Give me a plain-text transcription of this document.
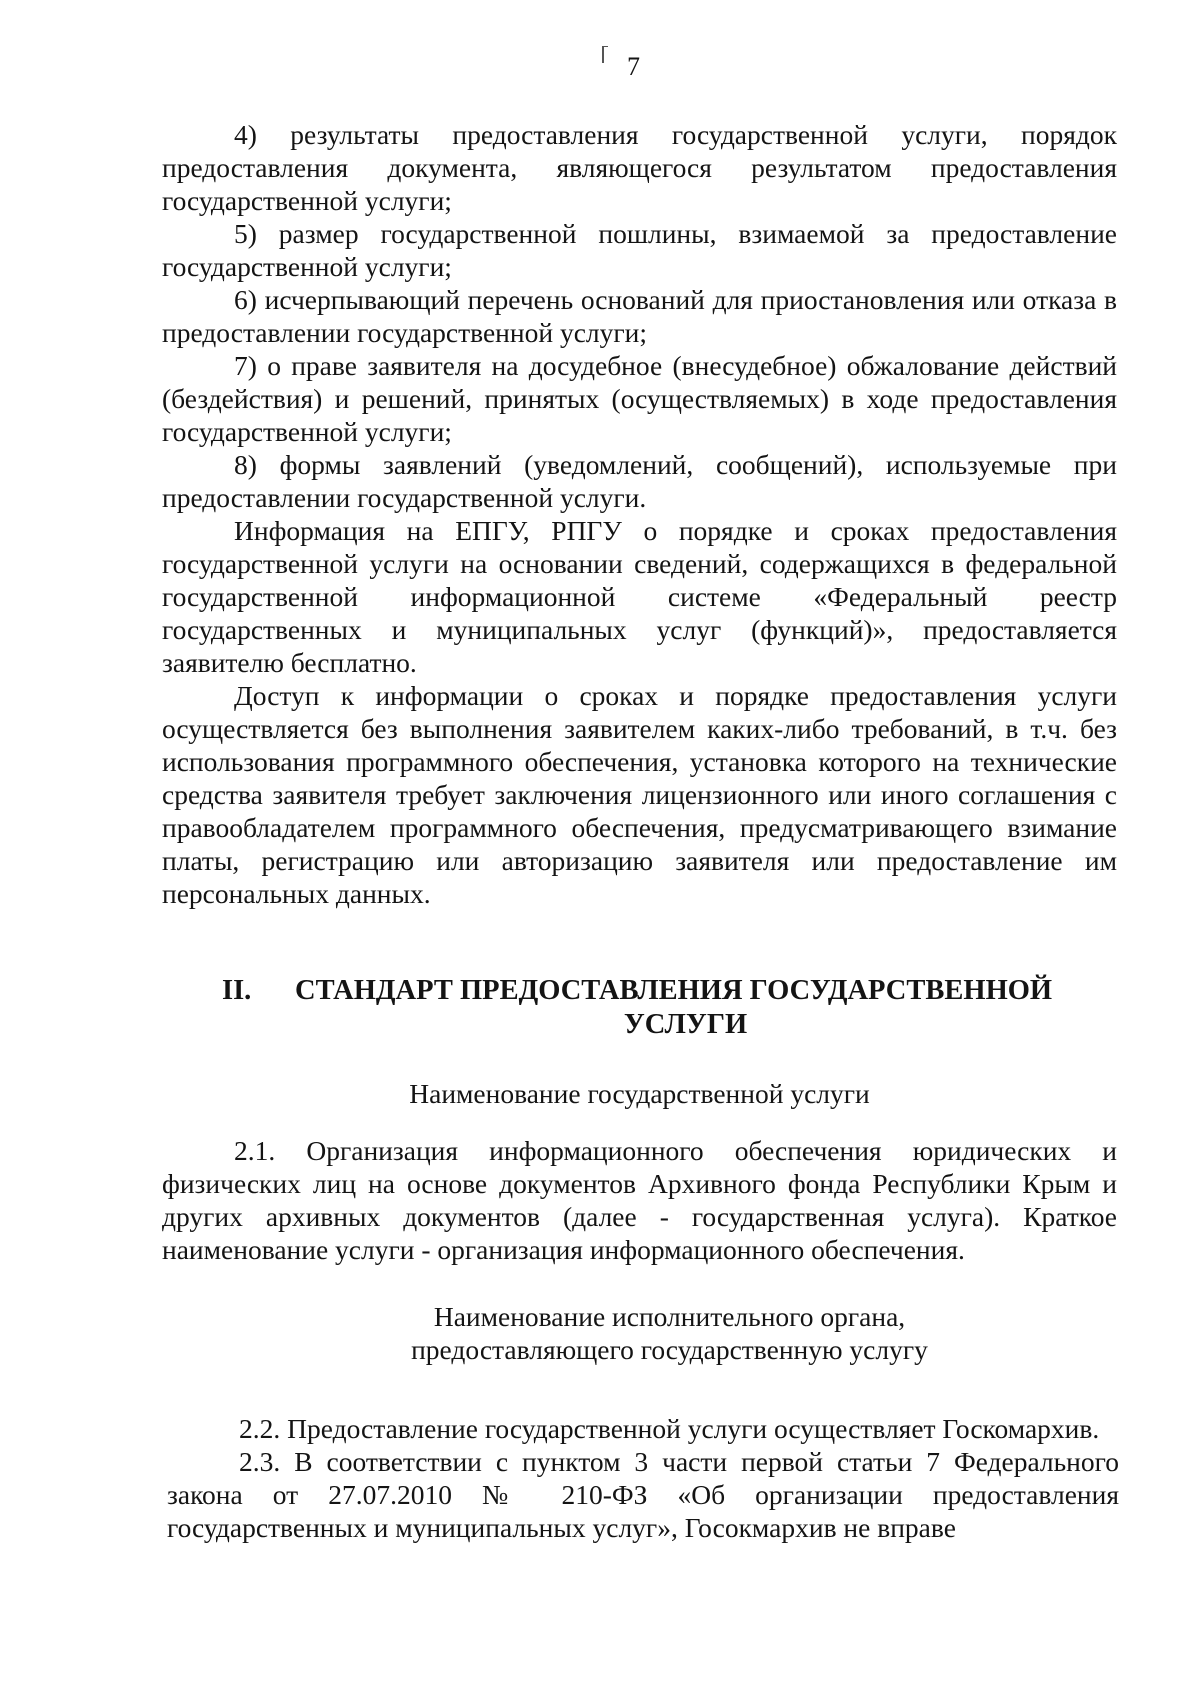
7

4) результаты предоставления государственной услуги, порядок предоставления документа, являющегося результатом предоставления государственной услуги;

5) размер государственной пошлины, взимаемой за предоставление государственной услуги;

6) исчерпывающий перечень оснований для приостановления или отказа в предоставлении государственной услуги;

7) о праве заявителя на досудебное (внесудебное) обжалование действий (бездействия) и решений, принятых (осуществляемых) в ходе предоставления государственной услуги;

8) формы заявлений (уведомлений, сообщений), используемые при предоставлении государственной услуги.

Информация на ЕПГУ, РПГУ о порядке и сроках предоставления государственной услуги на основании сведений, содержащихся в федеральной государственной информационной системе «Федеральный реестр государственных и муниципальных услуг (функций)», предоставляется заявителю бесплатно.

Доступ к информации о сроках и порядке предоставления услуги осуществляется без выполнения заявителем каких-либо требований, в т.ч. без использования программного обеспечения, установка которого на технические средства заявителя требует заключения лицензионного или иного соглашения с правообладателем программного обеспечения, предусматривающего взимание платы, регистрацию или авторизацию заявителя или предоставление им персональных данных.

II. СТАНДАРТ ПРЕДОСТАВЛЕНИЯ ГОСУДАРСТВЕННОЙ
УСЛУГИ
Наименование государственной услуги

2.1. Организация информационного обеспечения юридических и физических лиц на основе документов Архивного фонда Республики Крым и других архивных документов (далее - государственная услуга). Краткое наименование услуги - организация информационного обеспечения.

Наименование исполнительного органа,
предоставляющего государственную услугу

2.2. Предоставление государственной услуги осуществляет Госкомархив.

2.3. В соответствии с пунктом 3 части первой статьи 7 Федерального закона от 27.07.2010 № 210-ФЗ «Об организации предоставления государственных и муниципальных услуг», Госокмархив не вправе
